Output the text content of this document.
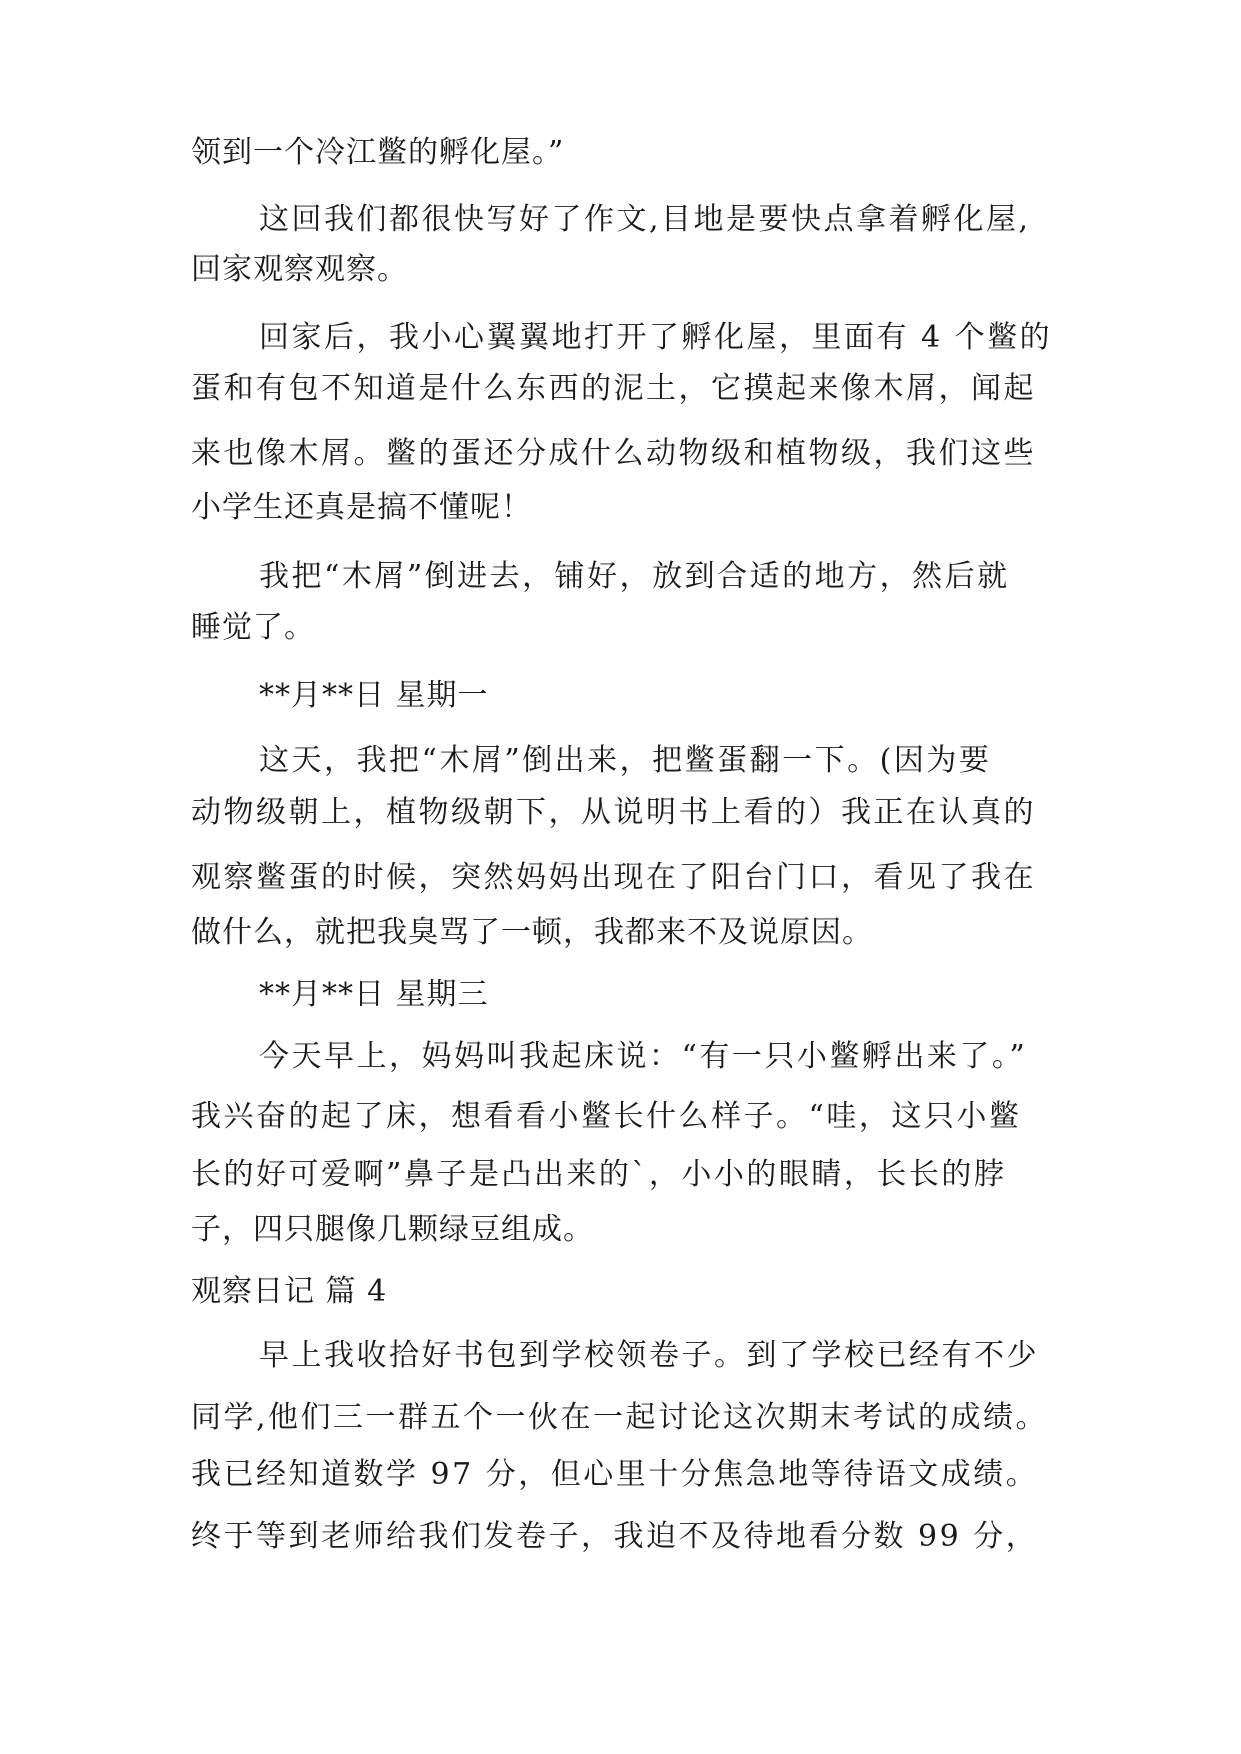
领到一个冷江鳖的孵化屋。”
这回我们都很快写好了作文,目地是要快点拿着孵化屋,
回家观察观察。
回家后，我小心翼翼地打开了孵化屋，里面有 4 个鳖的
蛋和有包不知道是什么东西的泥土，它摸起来像木屑，闻起
来也像木屑。鳖的蛋还分成什么动物级和植物级，我们这些
小学生还真是搞不懂呢！
我把“木屑”倒进去，铺好，放到合适的地方，然后就
睡觉了。
**月**日 星期一
这天，我把“木屑”倒出来，把鳖蛋翻一下。(因为要
动物级朝上，植物级朝下，从说明书上看的）我正在认真的
观察鳖蛋的时候，突然妈妈出现在了阳台门口，看见了我在
做什么，就把我臭骂了一顿，我都来不及说原因。
**月**日 星期三
今天早上，妈妈叫我起床说：“有一只小鳖孵出来了。”
我兴奋的起了床，想看看小鳖长什么样子。“哇，这只小鳖
长的好可爱啊”鼻子是凸出来的`，小小的眼睛，长长的脖
子，四只腿像几颗绿豆组成。
观察日记 篇 4
早上我收拾好书包到学校领卷子。到了学校已经有不少
同学,他们三一群五个一伙在一起讨论这次期末考试的成绩。
我已经知道数学 97 分，但心里十分焦急地等待语文成绩。
终于等到老师给我们发卷子，我迫不及待地看分数 99 分，
